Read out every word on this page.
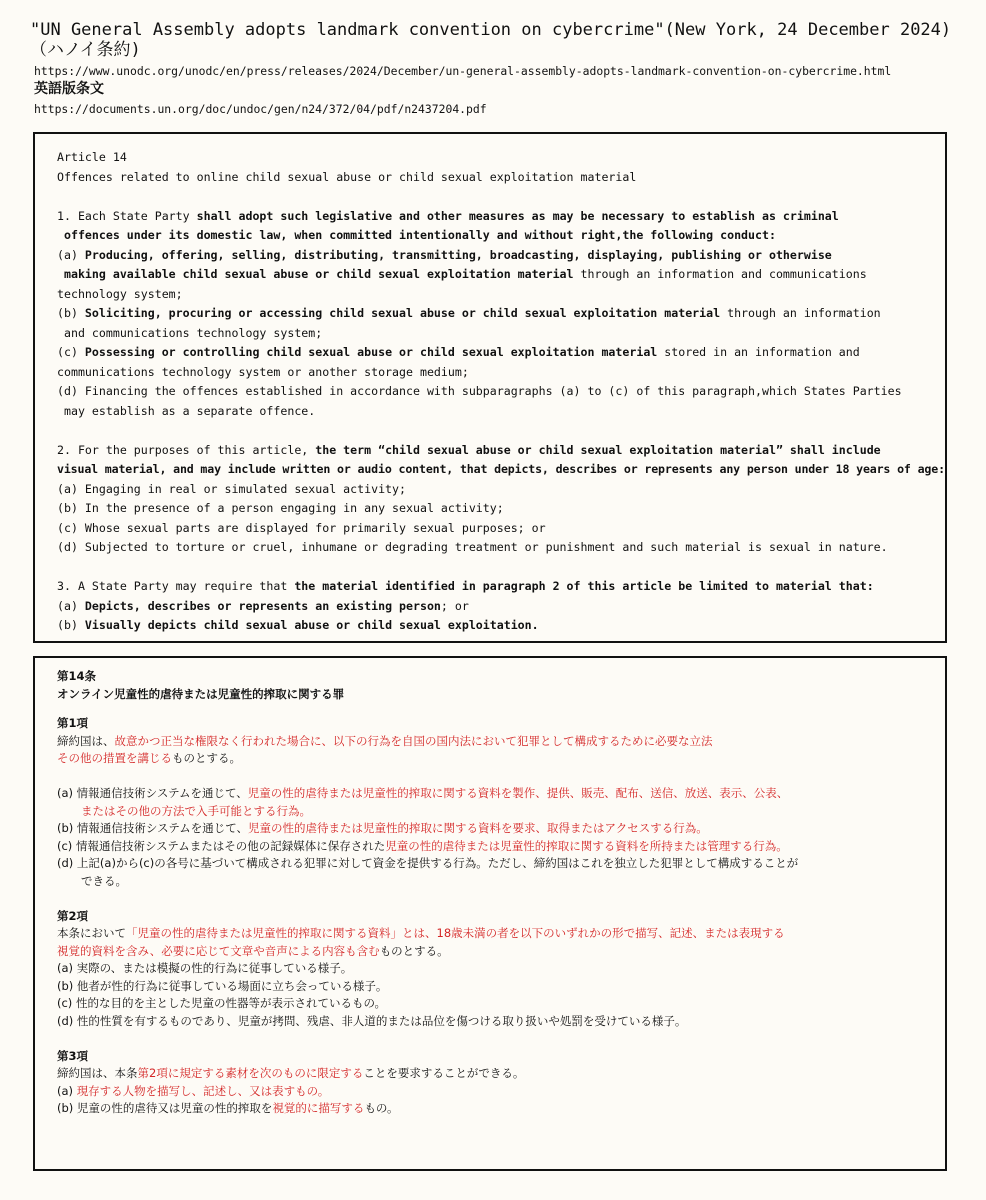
"UN General Assembly adopts landmark convention on cybercrime"(New York, 24 December 2024)
（ハノイ条約)
https://www.unodc.org/unodc/en/press/releases/2024/December/un-general-assembly-adopts-landmark-convention-on-cybercrime.html
英語版条文
https://documents.un.org/doc/undoc/gen/n24/372/04/pdf/n2437204.pdf
Article 14
Offences related to online child sexual abuse or child sexual exploitation material
1. Each State Party shall adopt such legislative and other measures as may be necessary to establish as criminal
offences under its domestic law, when committed intentionally and without right,the following conduct:
(a) Producing, offering, selling, distributing, transmitting, broadcasting, displaying, publishing or otherwise
making available child sexual abuse or child sexual exploitation material through an information and communications
technology system;
(b) Soliciting, procuring or accessing child sexual abuse or child sexual exploitation material through an information
and communications technology system;
(c) Possessing or controlling child sexual abuse or child sexual exploitation material stored in an information and
communications technology system or another storage medium;
(d) Financing the offences established in accordance with subparagraphs (a) to (c) of this paragraph,which States Parties
may establish as a separate offence.
2. For the purposes of this article, the term “child sexual abuse or child sexual exploitation material” shall include
visual material, and may include written or audio content, that depicts, describes or represents any person under 18 years of age:
(a) Engaging in real or simulated sexual activity;
(b) In the presence of a person engaging in any sexual activity;
(c) Whose sexual parts are displayed for primarily sexual purposes; or
(d) Subjected to torture or cruel, inhumane or degrading treatment or punishment and such material is sexual in nature.
3. A State Party may require that the material identified in paragraph 2 of this article be limited to material that:
(a) Depicts, describes or represents an existing person; or
(b) Visually depicts child sexual abuse or child sexual exploitation.
第14条
オンライン児童性的虐待または児童性的搾取に関する罪
第1項
締約国は、故意かつ正当な権限なく行われた場合に、以下の行為を自国の国内法において犯罪として構成するために必要な立法
その他の措置を講じるものとする。
(a) 情報通信技術システムを通じて、児童の性的虐待または児童性的搾取に関する資料を製作、提供、販売、配布、送信、放送、表示、公表、
またはその他の方法で入手可能とする行為。
(b) 情報通信技術システムを通じて、児童の性的虐待または児童性的搾取に関する資料を要求、取得またはアクセスする行為。
(c) 情報通信技術システムまたはその他の記録媒体に保存された児童の性的虐待または児童性的搾取に関する資料を所持または管理する行為。
(d) 上記(a)から(c)の各号に基づいて構成される犯罪に対して資金を提供する行為。ただし、締約国はこれを独立した犯罪として構成することが
できる。
第2項
本条において「児童の性的虐待または児童性的搾取に関する資料」とは、18歳未満の者を以下のいずれかの形で描写、記述、または表現する
視覚的資料を含み、必要に応じて文章や音声による内容も含むものとする。
(a) 実際の、または模擬の性的行為に従事している様子。
(b) 他者が性的行為に従事している場面に立ち会っている様子。
(c) 性的な目的を主とした児童の性器等が表示されているもの。
(d) 性的性質を有するものであり、児童が拷問、残虐、非人道的または品位を傷つける取り扱いや処罰を受けている様子。
第3項
締約国は、本条第2項に規定する素材を次のものに限定することを要求することができる。
(a) 現存する人物を描写し、記述し、又は表すもの。
(b) 児童の性的虐待又は児童の性的搾取を視覚的に描写するもの。
